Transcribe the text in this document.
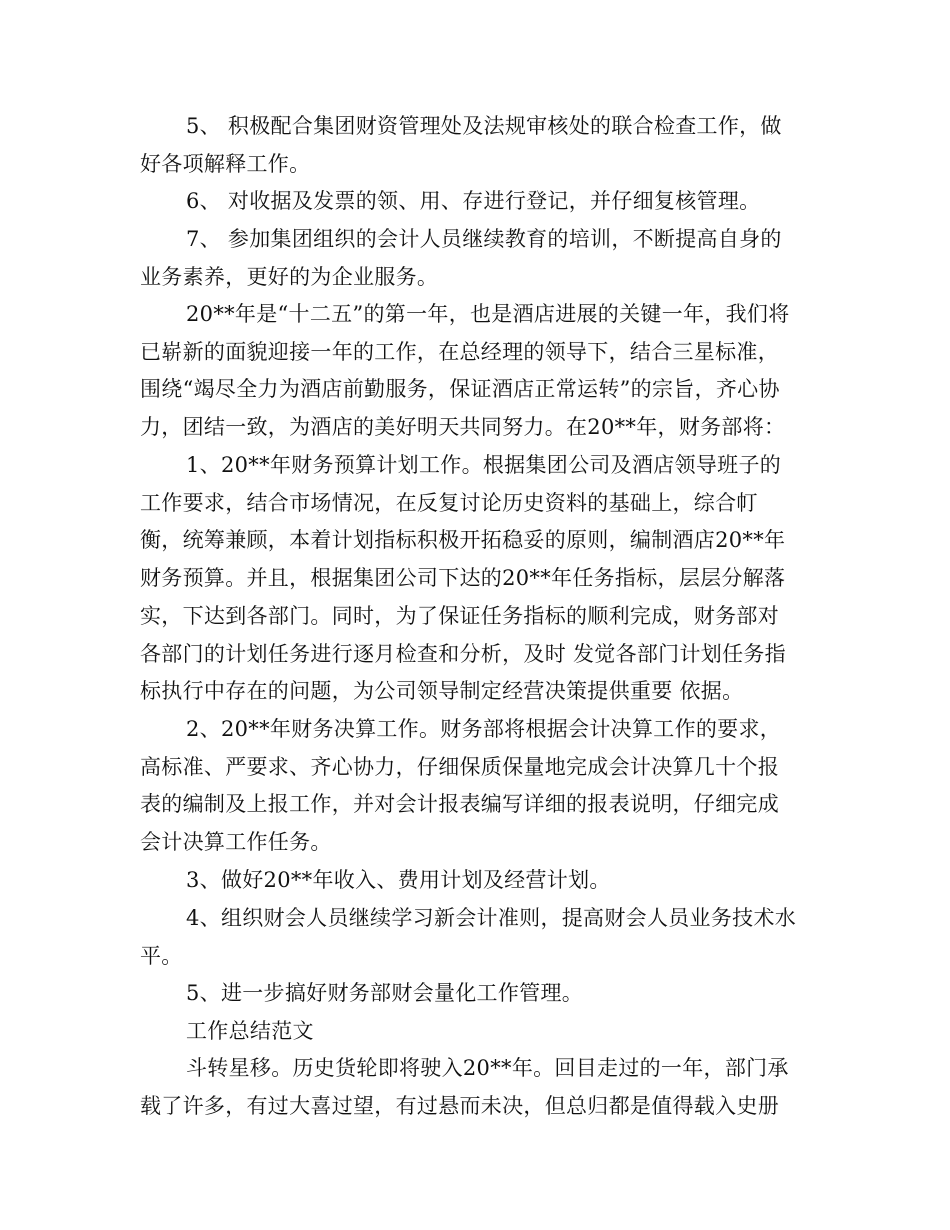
5、 积极配合集团财资管理处及法规审核处的联合检查工作，做好各项解释工作。

6、 对收据及发票的领、用、存进行登记，并仔细复核管理。

7、 参加集团组织的会计人员继续教育的培训，不断提高自身的业务素养，更好的为企业服务。

20**年是“十二五”的第一年，也是酒店进展的关键一年，我们将已崭新的面貌迎接一年的工作，在总经理的领导下，结合三星标准，围绕“竭尽全力为酒店前勤服务，保证酒店正常运转”的宗旨，齐心协力，团结一致，为酒店的美好明天共同努力。在20**年，财务部将：

1、20**年财务预算计划工作。根据集团公司及酒店领导班子的工作要求，结合市场情况，在反复讨论历史资料的基础上，综合帄衡，统筹兼顾，本着计划指标积极开拓稳妥的原则，编制酒店20**年财务预算。并且，根据集团公司下达的20**年任务指标，层层分解落实，下达到各部门。同时，为了保证任务指标的顺利完成，财务部对各部门的计划任务进行逐月检查和分析，及时 发觉各部门计划任务指标执行中存在的问题，为公司领导制定经营决策提供重要 依据。

2、20**年财务决算工作。财务部将根据会计决算工作的要求，高标准、严要求、齐心协力，仔细保质保量地完成会计决算几十个报表的编制及上报工作，并对会计报表编写详细的报表说明，仔细完成会计决算工作任务。

3、做好20**年收入、费用计划及经营计划。

4、组织财会人员继续学习新会计准则，提高财会人员业务技术水平。

5、进一步搞好财务部财会量化工作管理。

工作总结范文

斗转星移。历史货轮即将驶入20**年。回目走过的一年，部门承载了许多，有过大喜过望，有过悬而未决，但总归都是值得载入史册
